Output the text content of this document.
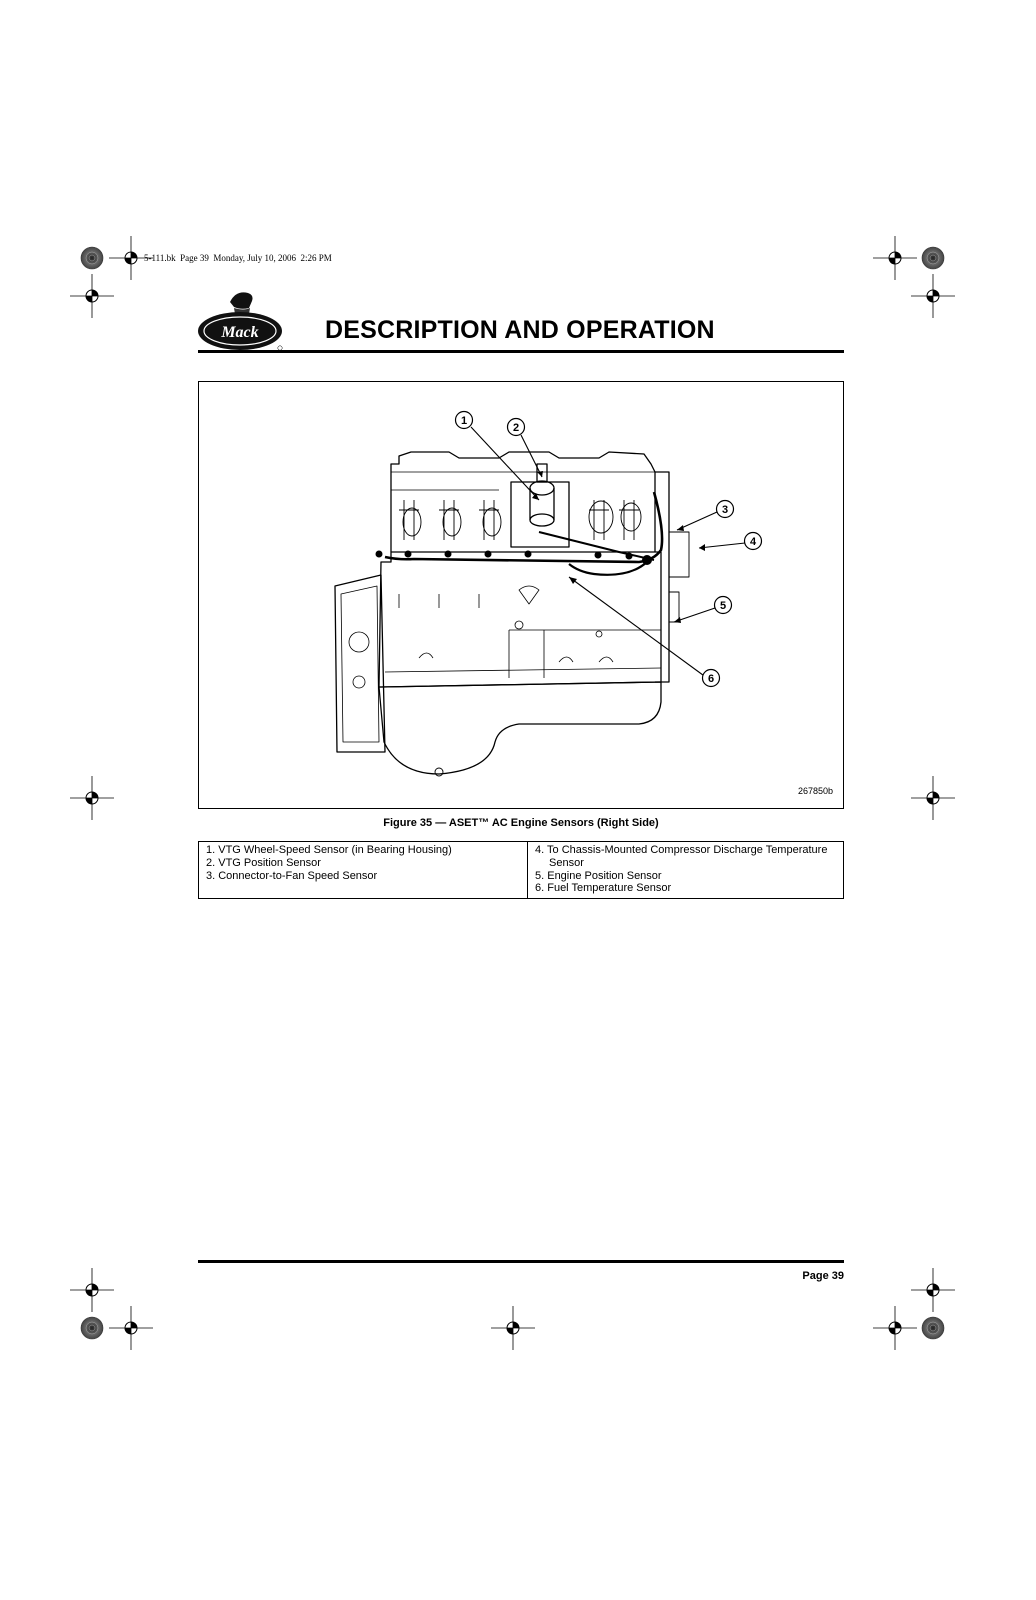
5-111.bk  Page 39  Monday, July 10, 2006  2:26 PM
Mack	DESCRIPTION AND OPERATION
1
2
3
4
5
6
267850b
Figure 35 — ASET™ AC Engine Sensors (Right Side)
1. VTG Wheel-Speed Sensor (in Bearing Housing)
2. VTG Position Sensor
3. Connector-to-Fan Speed Sensor
4. To Chassis-Mounted Compressor Discharge Temperature
Sensor
5. Engine Position Sensor
6. Fuel Temperature Sensor
Page 39
